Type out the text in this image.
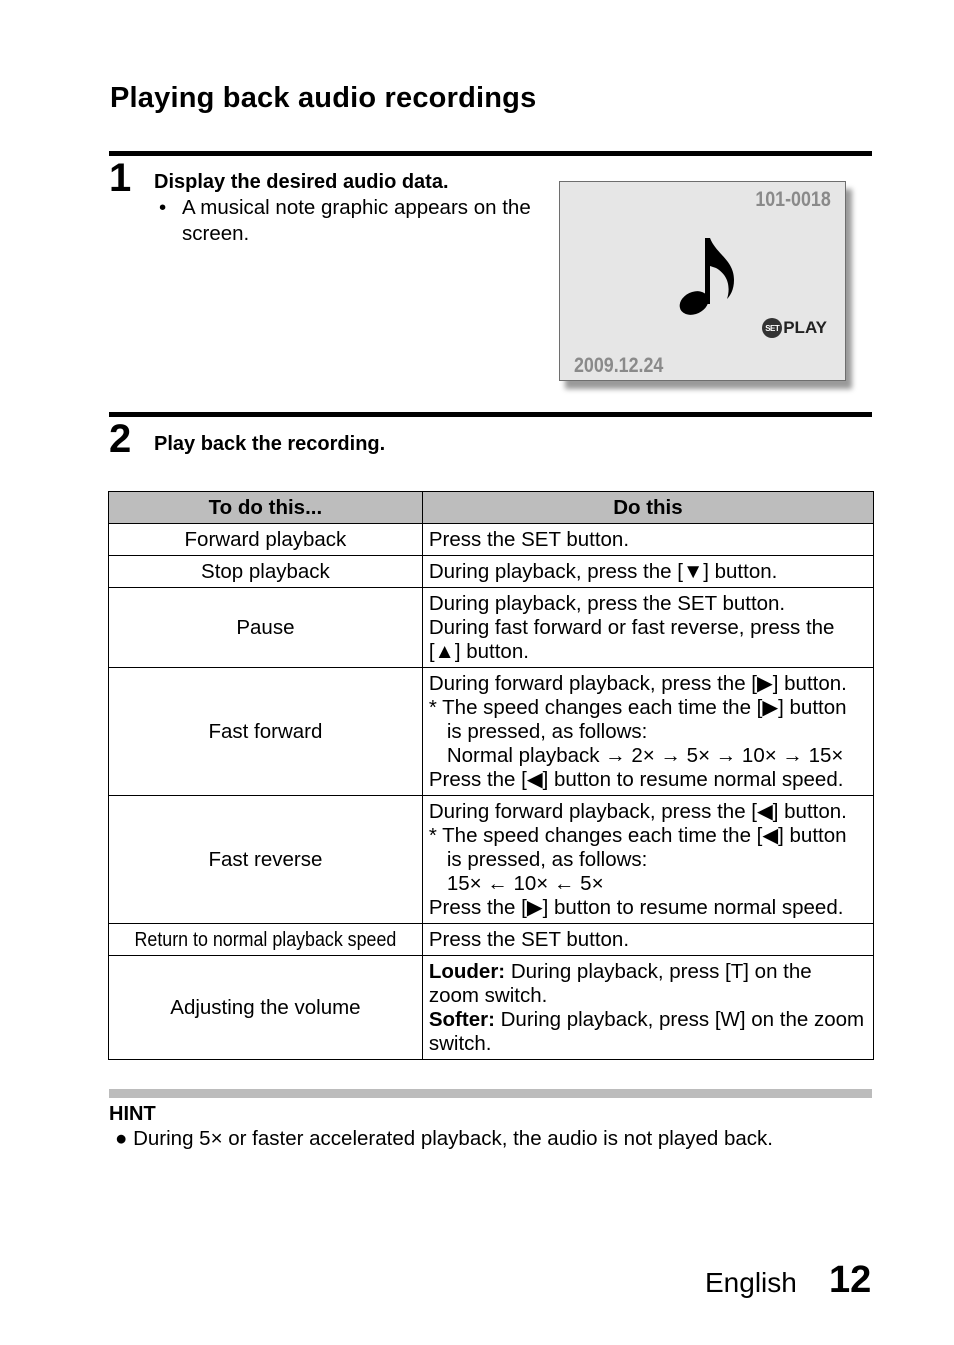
Playing back audio recordings
1 Display the desired audio data.
• A musical note graphic appears on the screen.
101-0018
SET PLAY
2009.12.24
2 Play back the recording.
To do this...	Do this
Forward playback	Press the SET button.
Stop playback	During playback, press the [▼] button.
Pause	During playback, press the SET button.
During fast forward or fast reverse, press the [▲] button.

Fast forward	During forward playback, press the [▶] button.
* The speed changes each time the [▶] button is pressed, as follows:
Normal playback → 2× → 5× → 10× → 15×
Press the [◀] button to resume normal speed.

Fast reverse	During forward playback, press the [◀] button.
* The speed changes each time the [◀] button is pressed, as follows:
15× ← 10× ← 5×
Press the [▶] button to resume normal speed.

Return to normal playback speed	Press the SET button.
Adjusting the volume	Louder: During playback, press [T] on the zoom switch.
Softer: During playback, press [W] on the zoom switch.
HINT
● During 5× or faster accelerated playback, the audio is not played back.
English 12
